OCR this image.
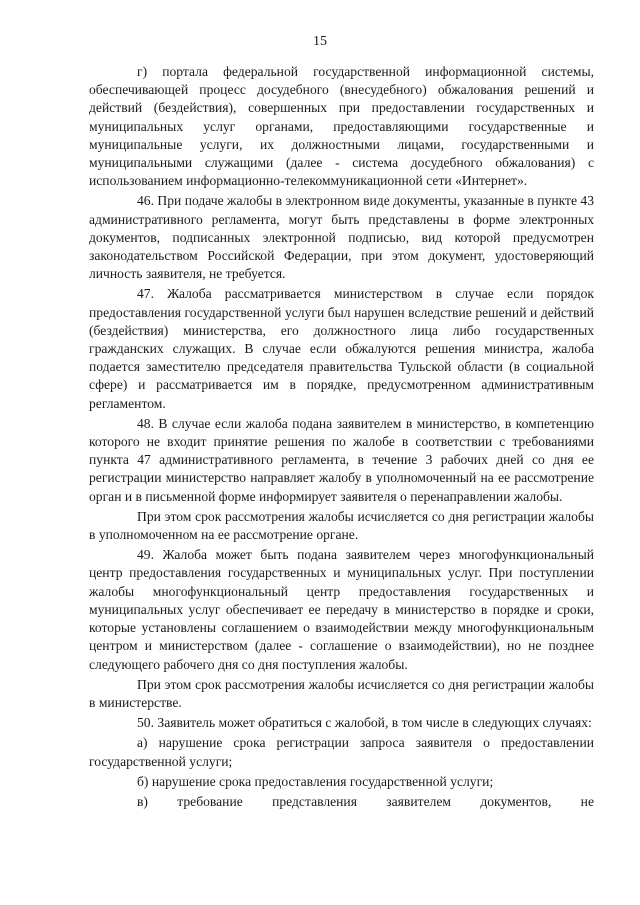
15

г) портала федеральной государственной информационной системы, обеспечивающей процесс досудебного (внесудебного) обжалования решений и действий (бездействия), совершенных при предоставлении государственных и муниципальных услуг органами, предоставляющими государственные и муниципальные услуги, их должностными лицами, государственными и муниципальными служащими (далее - система досудебного обжалования) с использованием информационно-телекоммуникационной сети «Интернет».

46. При подаче жалобы в электронном виде документы, указанные в пункте 43 административного регламента, могут быть представлены в форме электронных документов, подписанных электронной подписью, вид которой предусмотрен законодательством Российской Федерации, при этом документ, удостоверяющий личность заявителя, не требуется.

47. Жалоба рассматривается министерством в случае если порядок предоставления государственной услуги был нарушен вследствие решений и действий (бездействия) министерства, его должностного лица либо государственных гражданских служащих. В случае если обжалуются решения министра, жалоба подается заместителю председателя правительства Тульской области (в социальной сфере) и рассматривается им в порядке, предусмотренном административным регламентом.

48. В случае если жалоба подана заявителем в министерство, в компетенцию которого не входит принятие решения по жалобе в соответствии с требованиями пункта 47 административного регламента, в течение 3 рабочих дней со дня ее регистрации министерство направляет жалобу в уполномоченный на ее рассмотрение орган и в письменной форме информирует заявителя о перенаправлении жалобы.

При этом срок рассмотрения жалобы исчисляется со дня регистрации жалобы в уполномоченном на ее рассмотрение органе.

49. Жалоба может быть подана заявителем через многофункциональный центр предоставления государственных и муниципальных услуг. При поступлении жалобы многофункциональный центр предоставления государственных и муниципальных услуг обеспечивает ее передачу в министерство в порядке и сроки, которые установлены соглашением о взаимодействии между многофункциональным центром и министерством (далее - соглашение о взаимодействии), но не позднее следующего рабочего дня со дня поступления жалобы.

При этом срок рассмотрения жалобы исчисляется со дня регистрации жалобы в министерстве.

50. Заявитель может обратиться с жалобой, в том числе в следующих случаях:

а) нарушение срока регистрации запроса заявителя о предоставлении государственной услуги;

б) нарушение срока предоставления государственной услуги;

в) требование представления заявителем документов, не
